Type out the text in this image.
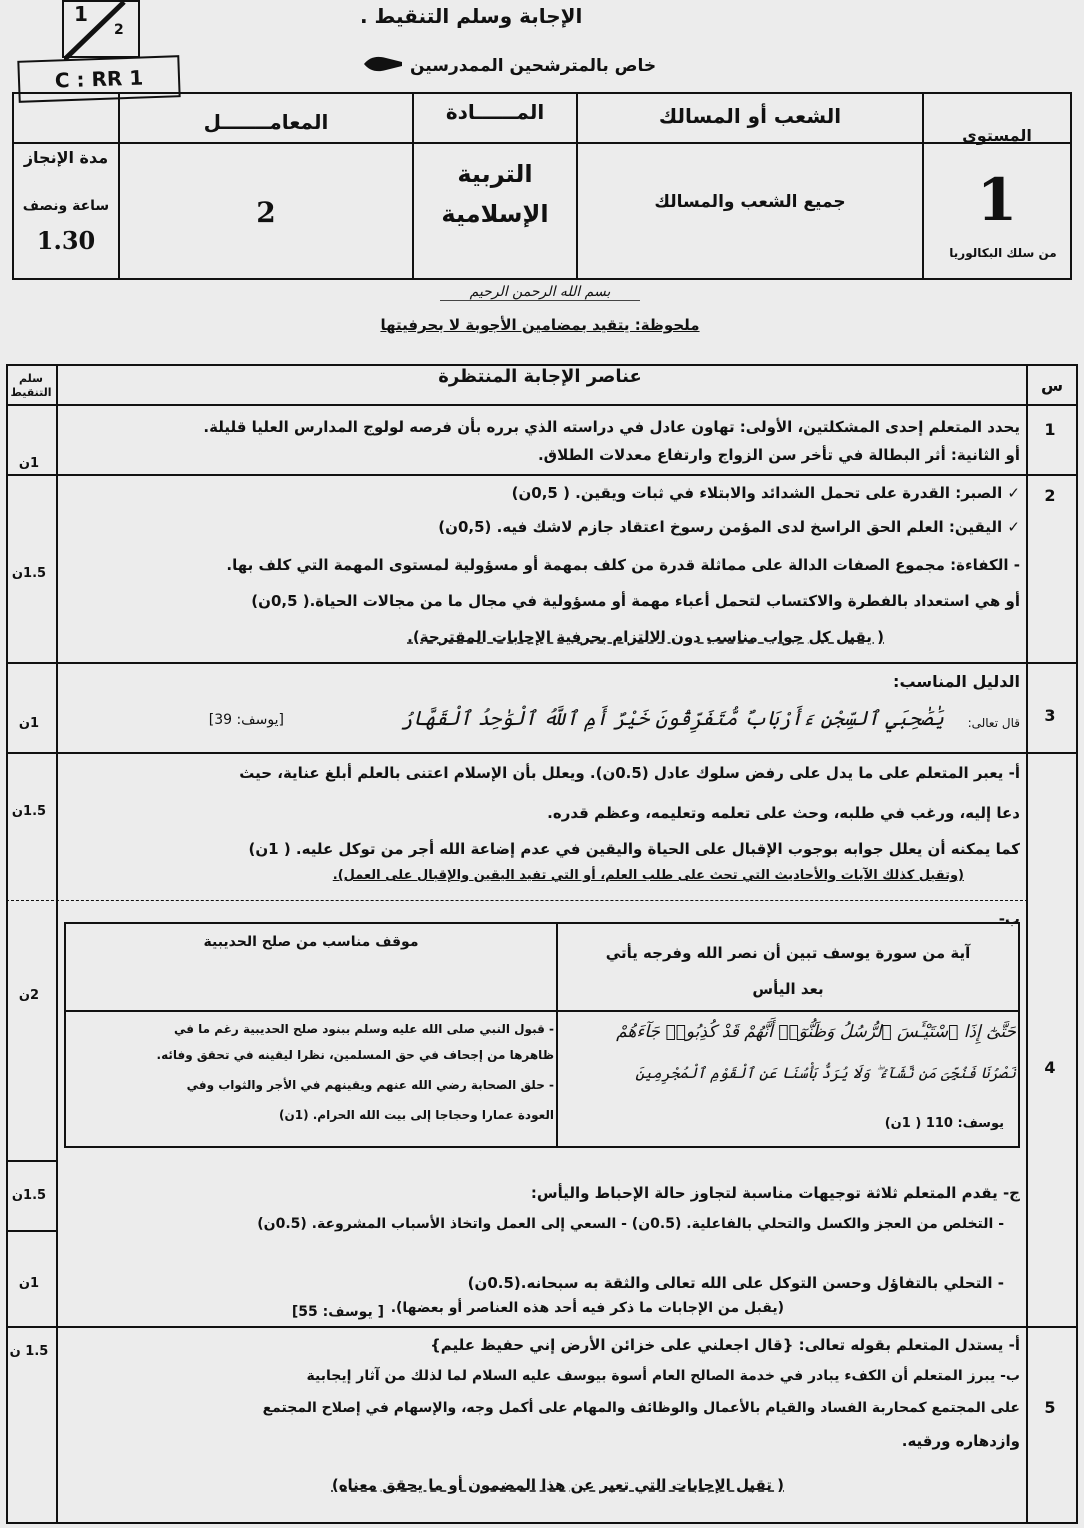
1
2
الإجابة وسلم التنقيط .
خاص بالمترشحين الممدرسين
C : RR 1
المستوى
الشعب أو المسالك
المــــــادة
المعامـــــــل
مدة الإنجاز
1
من سلك البكالوريا
جميع الشعب والمسالك
التربية
الإسلامية
2
ساعة ونصف
1.30
بسم الله الرحمن الرحيم
ملحوظة: يتقيد بمضامين الأجوبة لا بحرفيتها
س
عناصر الإجابة المنتظرة
سلم
التنقيط
1
يحدد المتعلم إحدى المشكلتين، الأولى: تهاون عادل في دراسته الذي برره بأن فرصه لولوج المدارس العليا قليلة.
أو الثانية: أثر البطالة في تأخر سن الزواج وارتفاع معدلات الطلاق.
1ن
2
✓ الصبر: القدرة على تحمل الشدائد والابتلاء في ثبات ويقين. ( 0,5ن)
✓ اليقين: العلم الحق الراسخ لدى المؤمن رسوخ اعتقاد جازم لاشك فيه. (0,5ن)
- الكفاءة: مجموع الصفات الدالة على مماثلة قدرة من كلف بمهمة أو مسؤولية لمستوى المهمة التي كلف بها.
أو هي استعداد بالفطرة والاكتساب لتحمل أعباء مهمة أو مسؤولية في مجال ما من مجالات الحياة.( 0,5ن)
( يقبل كل جواب مناسب دون الالتزام بحرفية الإجابات المقترحة).
1.5ن
3
الدليل المناسب:
قال تعالى:
يَٰصَٰحِبَيِ ٱلسِّجْنِ ءَأَرْبَابٌ مُّتَفَرِّقُونَ خَيْرٌ أَمِ ٱللَّهُ ٱلْوَٰحِدُ ٱلْقَهَّارُ
[يوسف: 39]
1ن
4
أ- يعبر المتعلم على ما يدل على رفض سلوك عادل (0.5ن). ويعلل بأن الإسلام اعتنى بالعلم أبلغ عناية، حيث
دعا إليه، ورغب في طلبه، وحث على تعلمه وتعليمه، وعظم قدره.
كما يمكنه أن يعلل جوابه بوجوب الإقبال على الحياة واليقين في عدم إضاعة الله أجر من توكل عليه. ( 1ن)
(وتقبل كذلك الآيات والأحاديث التي تحث على طلب العلم، أو التي تفيد اليقين والإقبال على العمل).
1.5ن
ب-
2ن
آية من سورة يوسف تبين أن نصر الله وفرجه يأتي
بعد اليأس
موقف مناسب من صلح الحديبية
حَتَّىٰٓ إِذَا ٱسْتَيْـَٔسَ ٱلرُّسُلُ وَظَنُّوٓا۟ أَنَّهُمْ قَدْ كُذِبُوا۟ جَآءَهُمْ
نَصْرُنَا فَنُجِّىَ مَن نَّشَآءُ ۖ وَلَا يُرَدُّ بَأْسُنَا عَنِ ٱلْقَوْمِ ٱلْمُجْرِمِينَ
يوسف: 110 ( 1ن)
- قبول النبي صلى الله عليه وسلم ببنود صلح الحديبية رغم ما في
ظاهرها من إجحاف في حق المسلمين، نظرا ليقينه في تحقق وفائه.
- حلق الصحابة رضي الله عنهم ويقينهم في الأجر والثواب وفي
العودة عمارا وحجاجا إلى بيت الله الحرام. (1ن)
ج- يقدم المتعلم ثلاثة توجيهات مناسبة لتجاوز حالة الإحباط واليأس:
- التخلص من العجز والكسل والتحلي بالفاعلية. (0.5ن) - السعي إلى العمل واتخاذ الأسباب المشروعة. (0.5ن)
- التحلي بالتفاؤل وحسن التوكل على الله تعالى والثقة به سبحانه.(0.5ن)
(يقبل من الإجابات ما ذكر فيه أحد هذه العناصر أو بعضها).
1.5ن
5
[ يوسف: 55]
أ- يستدل المتعلم بقوله تعالى: {قال اجعلني على خزائن الأرض إني حفيظ عليم}
ب- يبرز المتعلم أن الكفء يبادر في خدمة الصالح العام أسوة بيوسف عليه السلام لما لذلك من آثار إيجابية
على المجتمع كمحاربة الفساد والقيام بالأعمال والوظائف والمهام على أكمل وجه، والإسهام في إصلاح المجتمع
وازدهاره ورقيه.
( تقبل الإجابات التي تعبر عن هذا المضمون أو ما يحقق معناه)
1ن
1.5 ن
